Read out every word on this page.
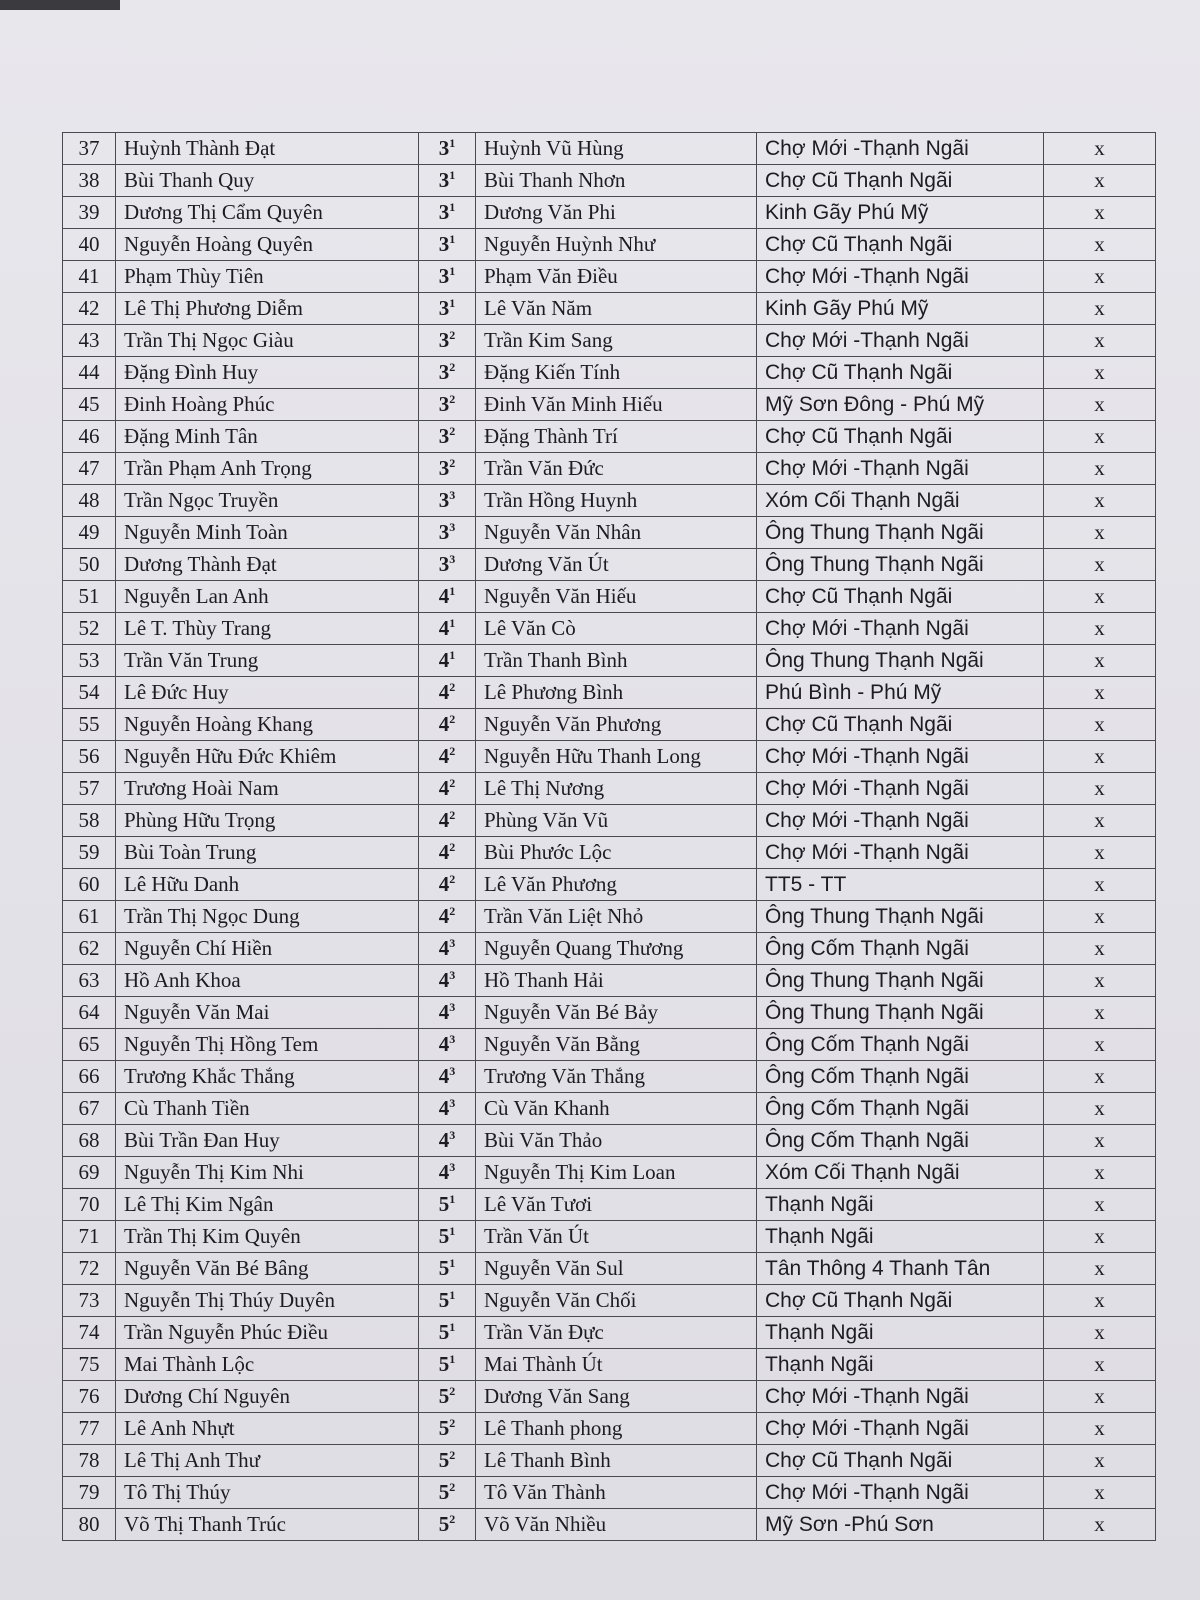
37	Huỳnh Thành Đạt	$3^1$	Huỳnh Vũ Hùng	Chợ Mới -Thạnh Ngãi	x
38	Bùi Thanh Quy	$3^1$	Bùi Thanh Nhơn	Chợ Cũ Thạnh Ngãi	x
39	Dương Thị Cẩm Quyên	$3^1$	Dương Văn Phi	Kinh Gãy Phú Mỹ	x
40	Nguyễn Hoàng Quyên	$3^1$	Nguyễn Huỳnh Như	Chợ Cũ Thạnh Ngãi	x
41	Phạm Thùy Tiên	$3^1$	Phạm Văn Điều	Chợ Mới -Thạnh Ngãi	x
42	Lê Thị Phương Diễm	$3^1$	Lê Văn Năm	Kinh Gãy Phú Mỹ	x
43	Trần Thị Ngọc Giàu	$3^2$	Trần Kim Sang	Chợ Mới -Thạnh Ngãi	x
44	Đặng Đình Huy	$3^2$	Đặng Kiến Tính	Chợ Cũ Thạnh Ngãi	x
45	Đinh Hoàng Phúc	$3^2$	Đinh Văn Minh Hiếu	Mỹ Sơn Đông - Phú Mỹ	x
46	Đặng Minh Tân	$3^2$	Đặng Thành Trí	Chợ Cũ Thạnh Ngãi	x
47	Trần Phạm Anh Trọng	$3^2$	Trần Văn Đức	Chợ Mới -Thạnh Ngãi	x
48	Trần Ngọc Truyền	$3^3$	Trần Hồng Huynh	Xóm Cối Thạnh Ngãi	x
49	Nguyễn Minh Toàn	$3^3$	Nguyễn Văn Nhân	Ông Thung Thạnh Ngãi	x
50	Dương Thành Đạt	$3^3$	Dương Văn Út	Ông Thung Thạnh Ngãi	x
51	Nguyễn Lan Anh	$4^1$	Nguyễn Văn Hiếu	Chợ Cũ Thạnh Ngãi	x
52	Lê T. Thùy Trang	$4^1$	Lê Văn Cò	Chợ Mới -Thạnh Ngãi	x
53	Trần Văn Trung	$4^1$	Trần Thanh Bình	Ông Thung Thạnh Ngãi	x
54	Lê Đức Huy	$4^2$	Lê Phương Bình	Phú Bình - Phú Mỹ	x
55	Nguyễn Hoàng Khang	$4^2$	Nguyễn Văn Phương	Chợ Cũ Thạnh Ngãi	x
56	Nguyễn Hữu Đức Khiêm	$4^2$	Nguyễn Hữu Thanh Long	Chợ Mới -Thạnh Ngãi	x
57	Trương Hoài Nam	$4^2$	Lê Thị Nương	Chợ Mới -Thạnh Ngãi	x
58	Phùng Hữu Trọng	$4^2$	Phùng Văn Vũ	Chợ Mới -Thạnh Ngãi	x
59	Bùi Toàn Trung	$4^2$	Bùi Phước Lộc	Chợ Mới -Thạnh Ngãi	x
60	Lê Hữu Danh	$4^2$	Lê Văn Phương	TT5 - TT	x
61	Trần Thị Ngọc Dung	$4^2$	Trần Văn Liệt Nhỏ	Ông Thung Thạnh Ngãi	x
62	Nguyễn Chí Hiền	$4^3$	Nguyễn Quang Thương	Ông Cốm Thạnh Ngãi	x
63	Hồ Anh Khoa	$4^3$	Hồ Thanh Hải	Ông Thung Thạnh Ngãi	x
64	Nguyễn Văn Mai	$4^3$	Nguyễn Văn Bé Bảy	Ông Thung Thạnh Ngãi	x
65	Nguyễn Thị Hồng Tem	$4^3$	Nguyễn Văn Bằng	Ông Cốm Thạnh Ngãi	x
66	Trương Khắc Thắng	$4^3$	Trương Văn Thắng	Ông Cốm Thạnh Ngãi	x
67	Cù Thanh Tiền	$4^3$	Cù Văn Khanh	Ông Cốm Thạnh Ngãi	x
68	Bùi Trần Đan Huy	$4^3$	Bùi Văn Thảo	Ông Cốm Thạnh Ngãi	x
69	Nguyễn Thị Kim Nhi	$4^3$	Nguyễn Thị Kim Loan	Xóm Cối Thạnh Ngãi	x
70	Lê Thị Kim Ngân	$5^1$	Lê Văn Tươi	Thạnh Ngãi	x
71	Trần Thị Kim Quyên	$5^1$	Trần Văn Út	Thạnh Ngãi	x
72	Nguyễn Văn Bé Bâng	$5^1$	Nguyễn Văn Sul	Tân Thông 4 Thanh Tân	x
73	Nguyễn Thị Thúy Duyên	$5^1$	Nguyễn Văn Chối	Chợ Cũ Thạnh Ngãi	x
74	Trần Nguyễn Phúc Điều	$5^1$	Trần Văn Đực	Thạnh Ngãi	x
75	Mai Thành Lộc	$5^1$	Mai Thành Út	Thạnh Ngãi	x
76	Dương Chí Nguyên	$5^2$	Dương Văn Sang	Chợ Mới -Thạnh Ngãi	x
77	Lê Anh Nhựt	$5^2$	Lê Thanh phong	Chợ Mới -Thạnh Ngãi	x
78	Lê Thị Anh Thư	$5^2$	Lê Thanh Bình	Chợ Cũ Thạnh Ngãi	x
79	Tô Thị Thúy	$5^2$	Tô Văn Thành	Chợ Mới -Thạnh Ngãi	x
80	Võ Thị Thanh Trúc	$5^2$	Võ Văn Nhiều	Mỹ Sơn -Phú Sơn	x
